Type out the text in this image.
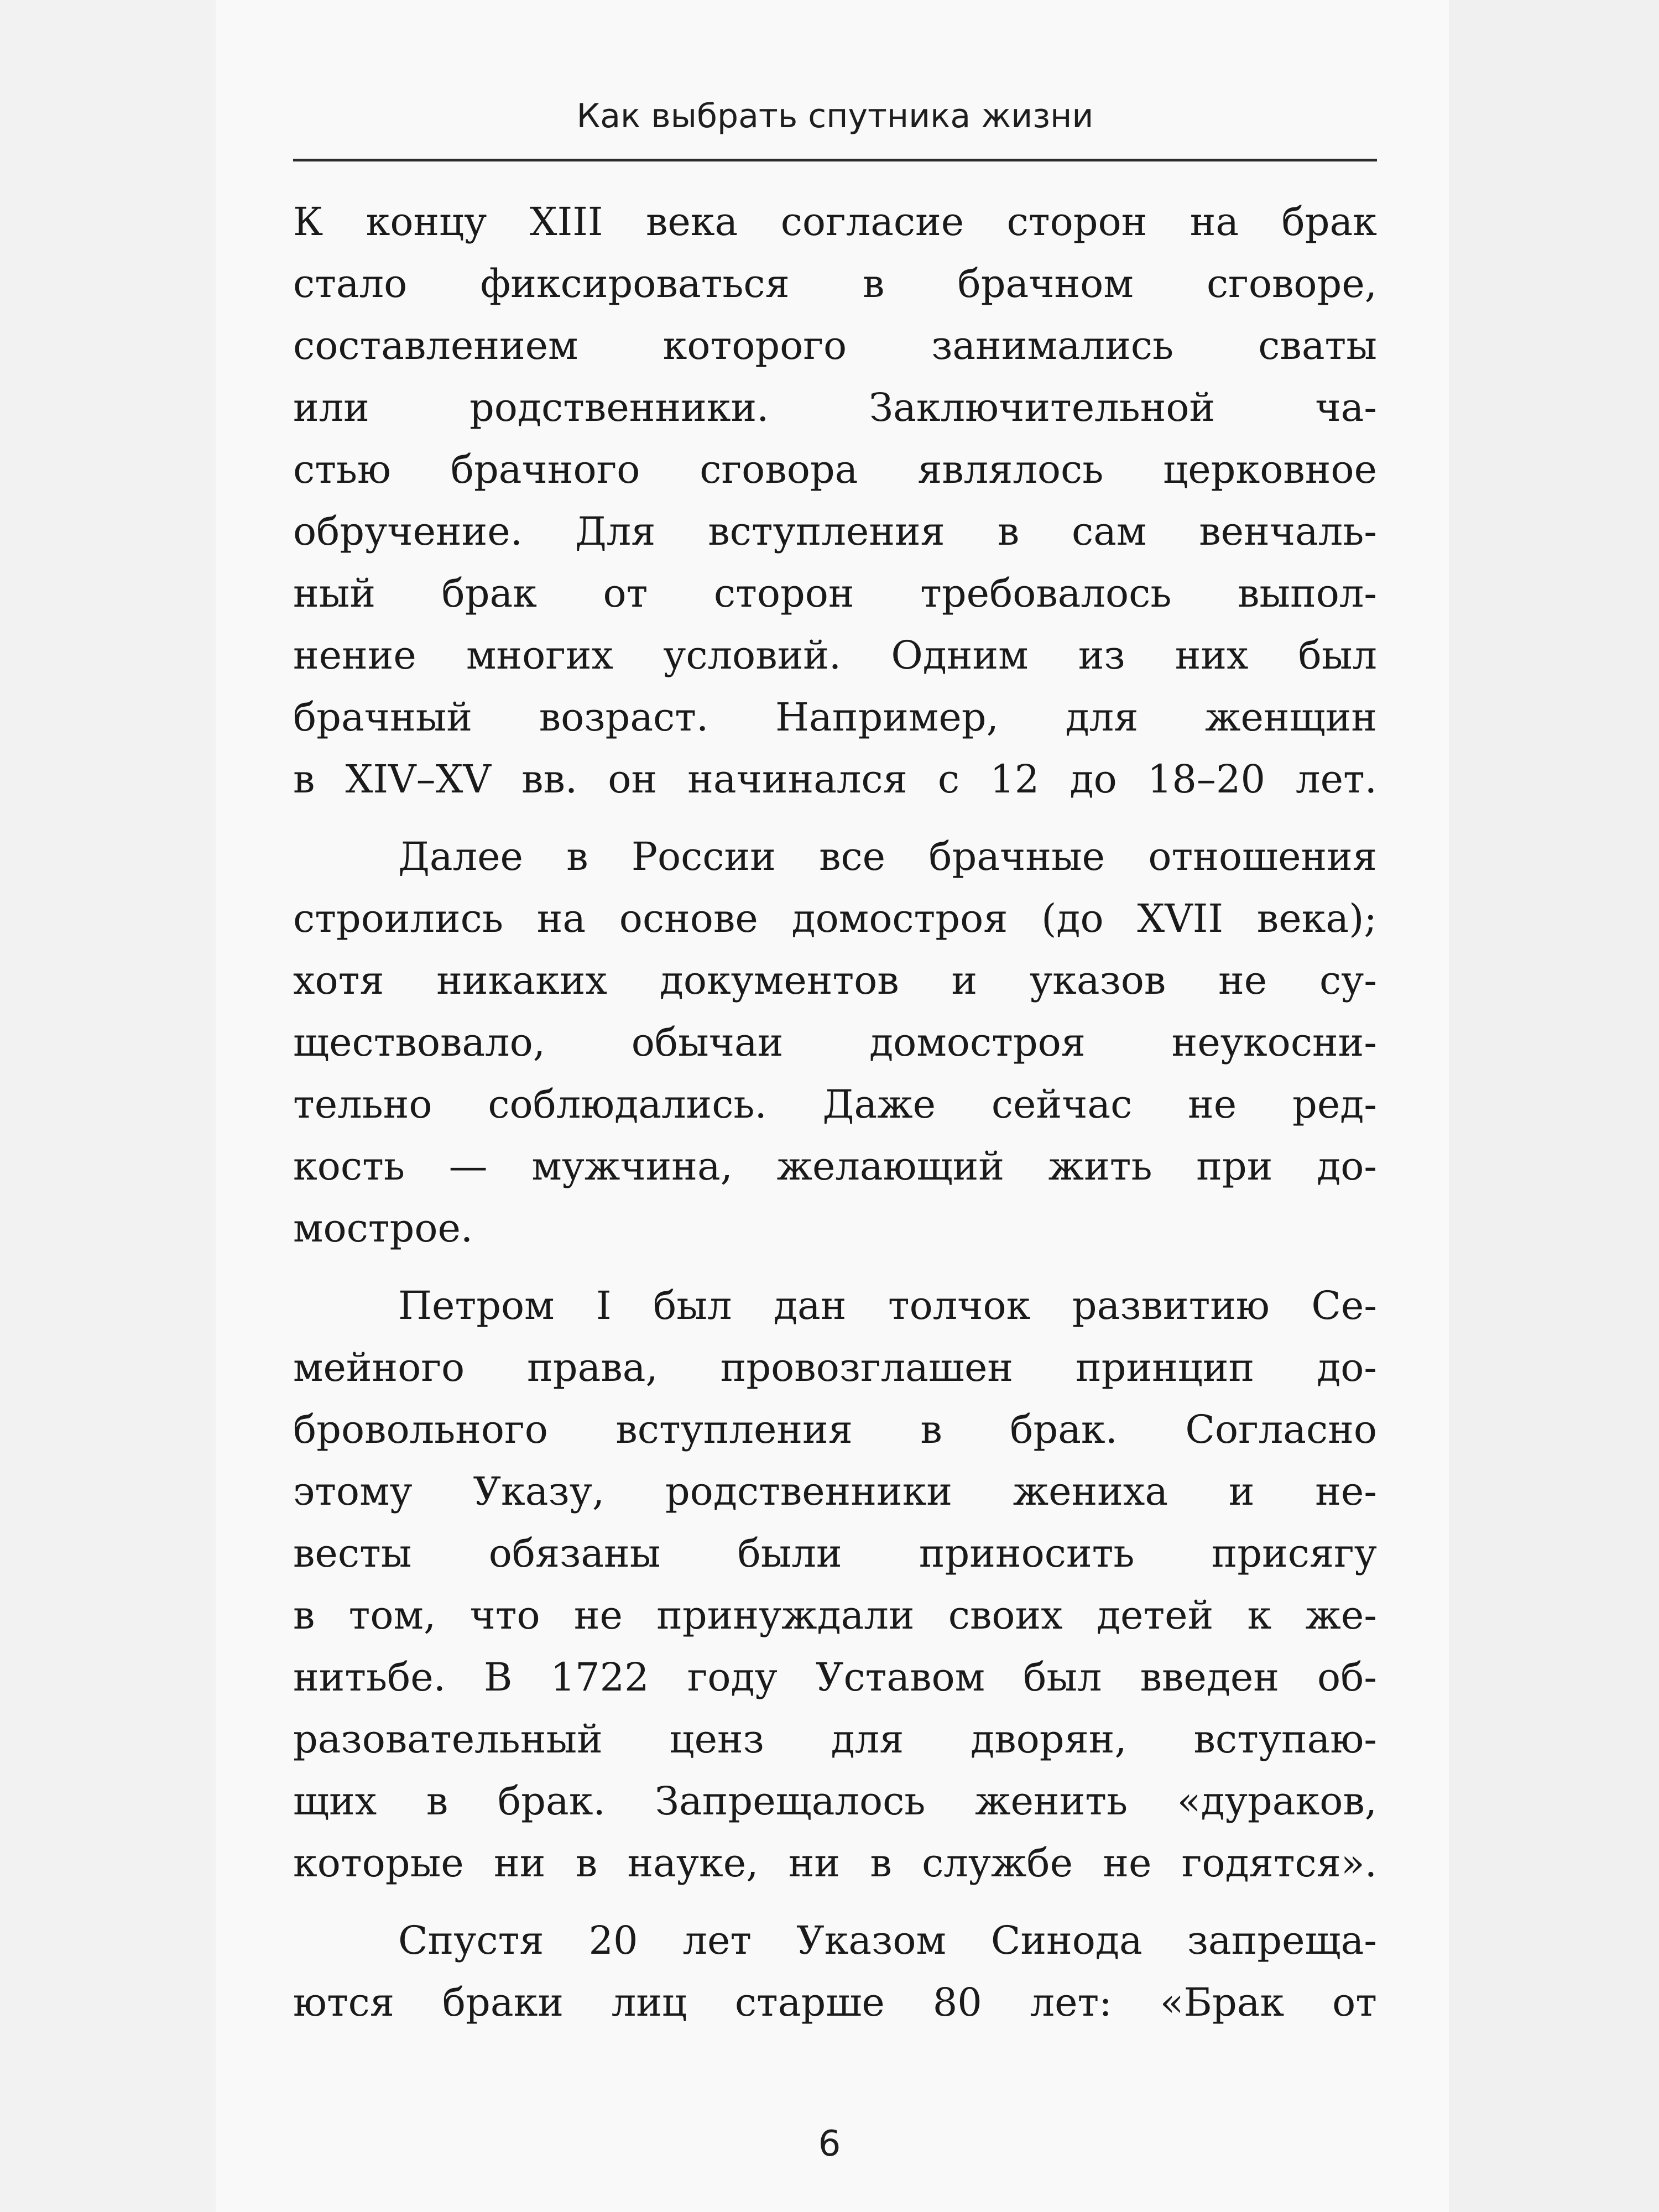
Как выбрать спутника жизни
К концу XIII века согласие сторон на брак
стало фиксироваться в брачном сговоре,
составлением которого занимались сваты
или родственники. Заключительной ча-
стью брачного сговора являлось церковное
обручение. Для вступления в сам венчаль-
ный брак от сторон требовалось выпол-
нение многих условий. Одним из них был
брачный возраст. Например, для женщин
в XIV–XV вв. он начинался с 12 до 18–20 лет.
Далее в России все брачные отношения
строились на основе домостроя (до XVII века);
хотя никаких документов и указов не су-
ществовало, обычаи домостроя неукосни-
тельно соблюдались. Даже сейчас не ред-
кость — мужчина, желающий жить при до-
мострое.
Петром I был дан толчок развитию Се-
мейного права, провозглашен принцип до-
бровольного вступления в брак. Согласно
этому Указу, родственники жениха и не-
весты обязаны были приносить присягу
в том, что не принуждали своих детей к же-
нитьбе. В 1722 году Уставом был введен об-
разовательный ценз для дворян, вступаю-
щих в брак. Запрещалось женить «дураков,
которые ни в науке, ни в службе не годятся».
Спустя 20 лет Указом Синода запреща-
ются браки лиц старше 80 лет: «Брак от
6
